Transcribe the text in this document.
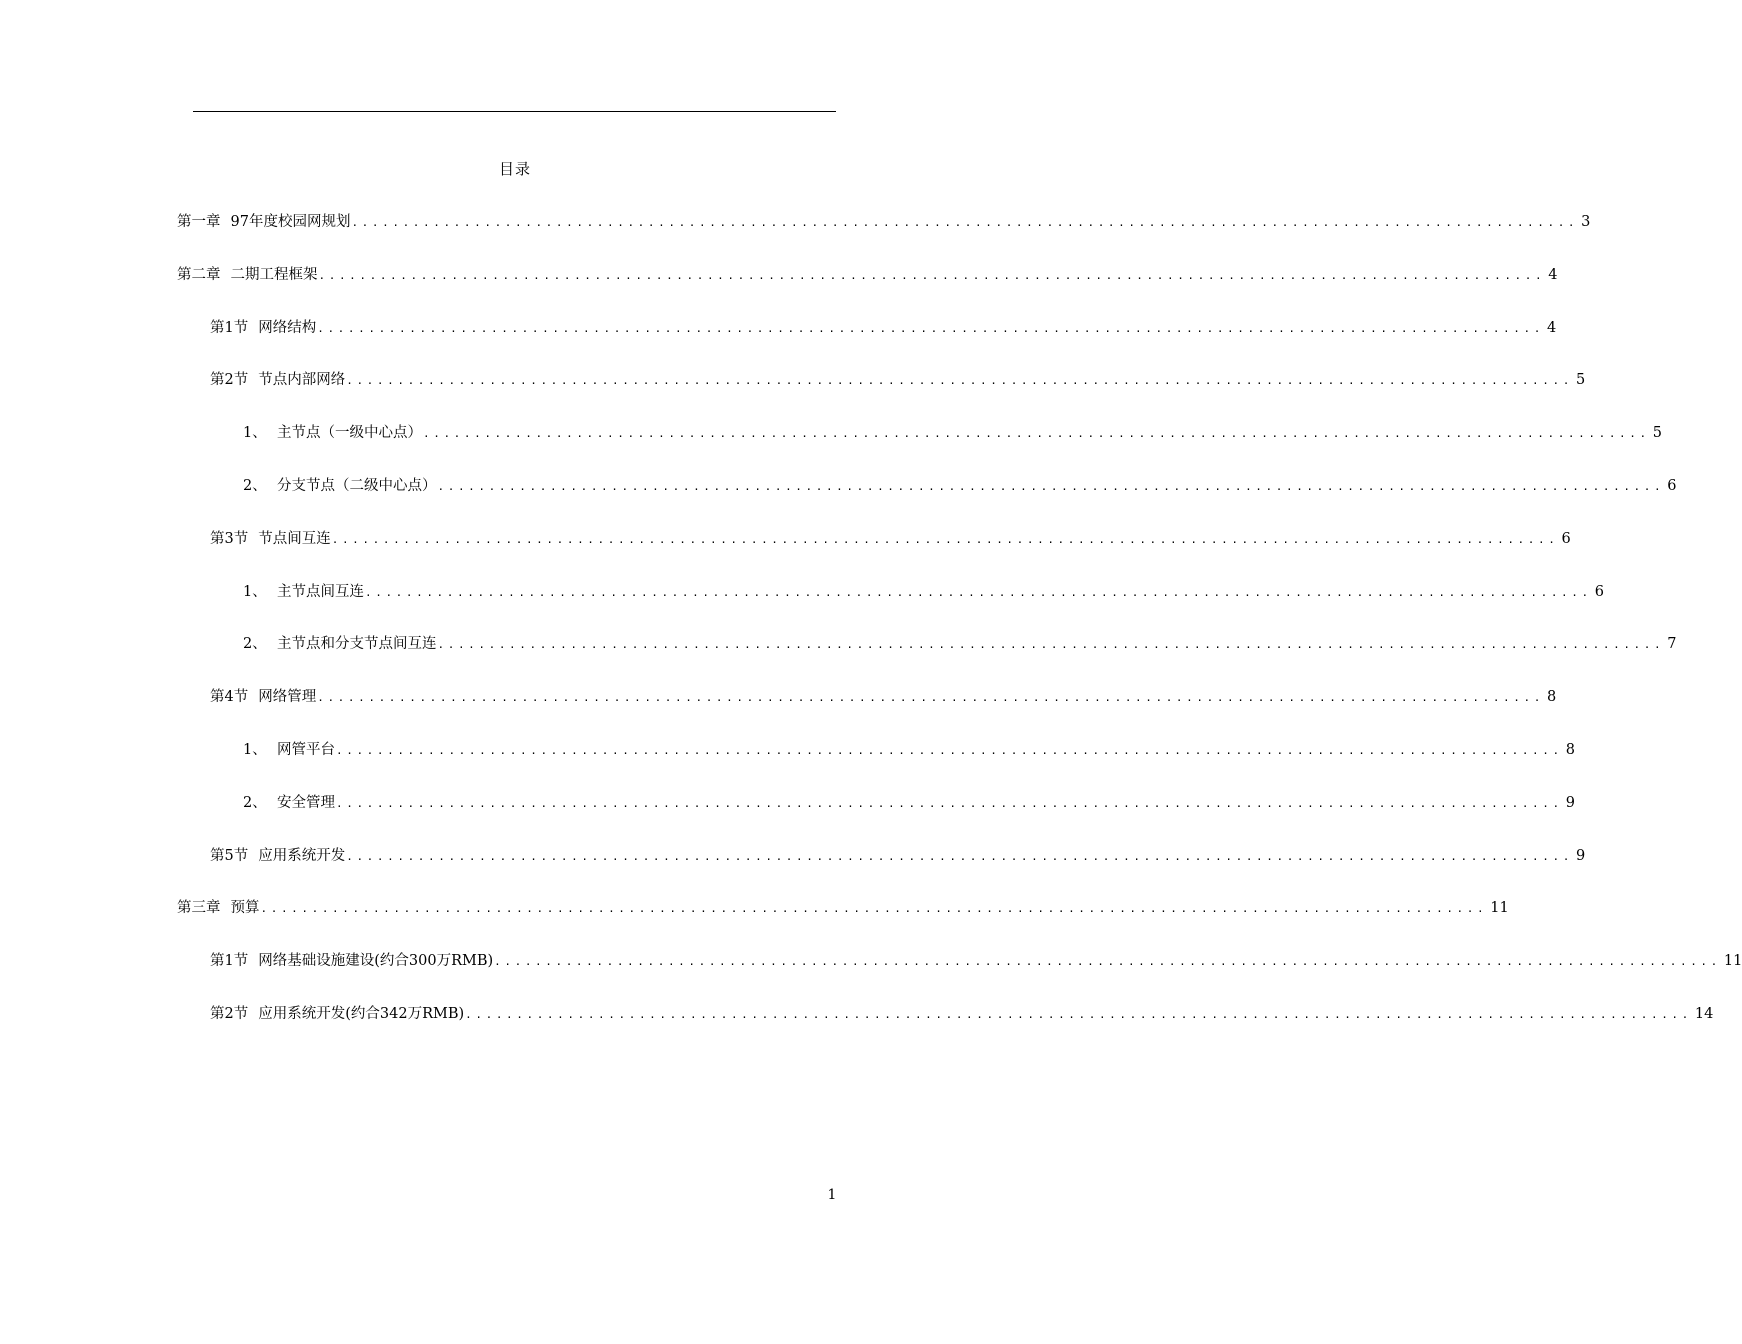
目录
第一章 97年度校园网规划 ........................................................................................................................ 3
第二章 二期工程框架 ........................................................................................................................ 4
第1节 网络结构 ........................................................................................................................ 4
第2节 节点内部网络 ........................................................................................................................ 5
1、 主节点（一级中心点） ........................................................................................................................ 5
2、 分支节点（二级中心点） ........................................................................................................................ 6
第3节 节点间互连 ........................................................................................................................ 6
1、 主节点间互连 ........................................................................................................................ 6
2、 主节点和分支节点间互连 ........................................................................................................................ 7
第4节 网络管理 ........................................................................................................................ 8
1、 网管平台 ........................................................................................................................ 8
2、 安全管理 ........................................................................................................................ 9
第5节 应用系统开发 ........................................................................................................................ 9
第三章 预算 ........................................................................................................................ 11
第1节 网络基础设施建设(约合300万RMB) ........................................................................................................................ 11
第2节 应用系统开发(约合342万RMB) ........................................................................................................................ 14
1
